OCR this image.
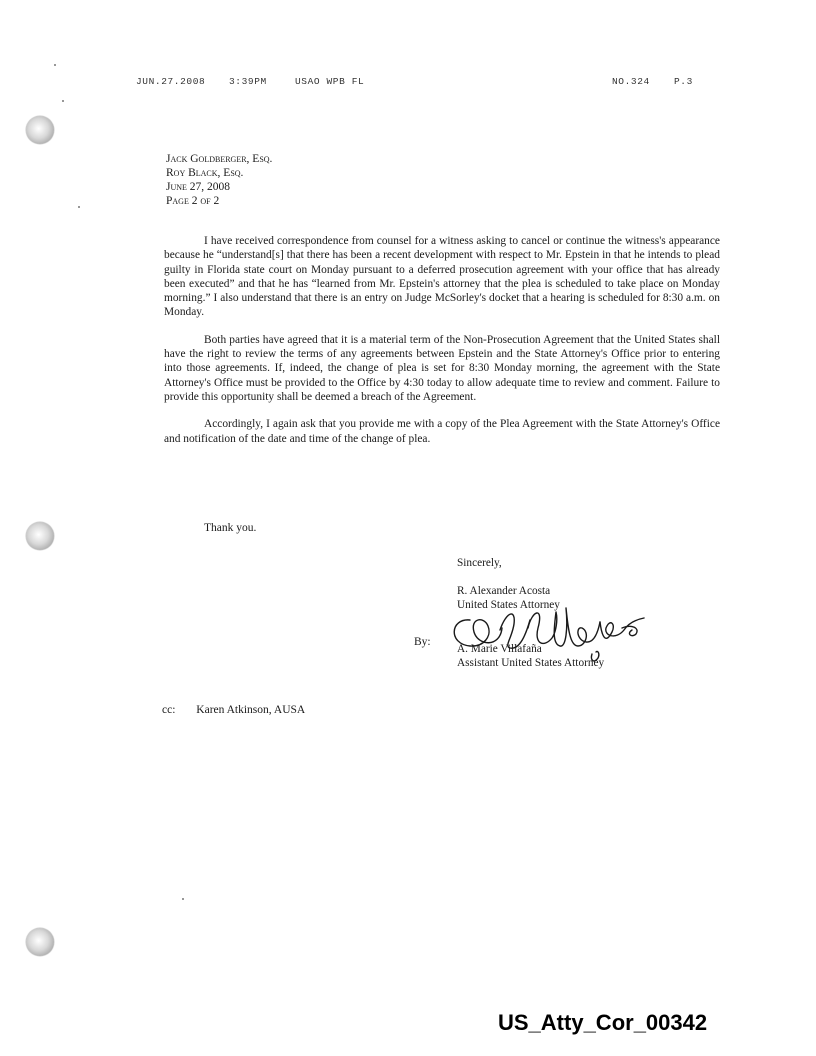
JUN.27.2008 3:39PM	USAO WPB FL	NO.324	P.3
Jack Goldberger, Esq.
Roy Black, Esq.
June 27, 2008
Page 2 of 2

I have received correspondence from counsel for a witness asking to cancel or continue the witness's appearance because he “understand[s] that there has been a recent development with respect to Mr. Epstein in that he intends to plead guilty in Florida state court on Monday pursuant to a deferred prosecution agreement with your office that has already been executed” and that he has “learned from Mr. Epstein's attorney that the plea is scheduled to take place on Monday morning.” I also understand that there is an entry on Judge McSorley's docket that a hearing is scheduled for 8:30 a.m. on Monday.

Both parties have agreed that it is a material term of the Non-Prosecution Agreement that the United States shall have the right to review the terms of any agreements between Epstein and the State Attorney's Office prior to entering into those agreements. If, indeed, the change of plea is set for 8:30 Monday morning, the agreement with the State Attorney's Office must be provided to the Office by 4:30 today to allow adequate time to review and comment. Failure to provide this opportunity shall be deemed a breach of the Agreement.

Accordingly, I again ask that you provide me with a copy of the Plea Agreement with the State Attorney's Office and notification of the date and time of the change of plea.

Thank you.
Sincerely,
R. Alexander Acosta
United States Attorney
A. Marie Villafaña
Assistant United States Attorney
By:
cc: Karen Atkinson, AUSA
US_Atty_Cor_00342
